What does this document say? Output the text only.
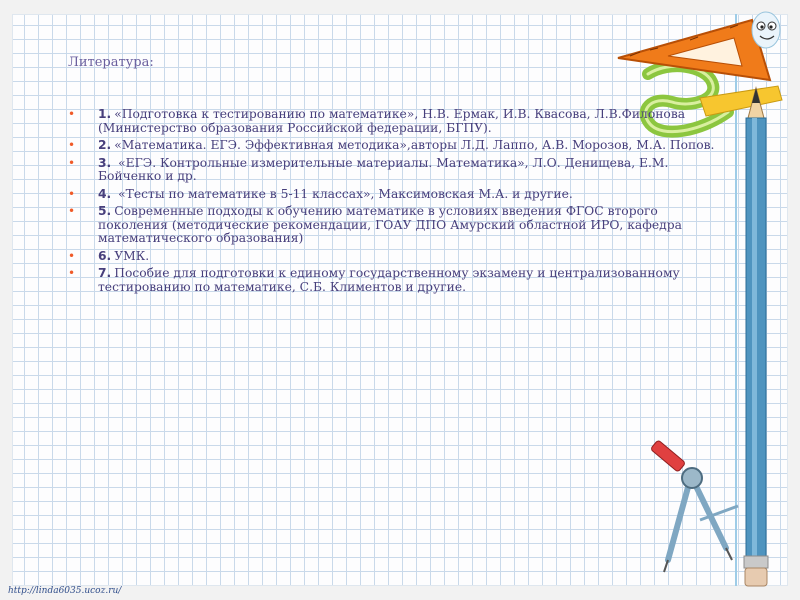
Литература:
• 1. «Подготовка к тестированию по математике», Н.В. Ермак, И.В. Квасова, Л.В.Филонова (Министерство образования Российской федерации, БГПУ).
• 2. «Математика. ЕГЭ. Эффективная методика»,авторы Л.Д. Лаппо, А.В. Морозов, М.А. Попов.
• 3. «ЕГЭ. Контрольные измерительные материалы. Математика», Л.О. Денищева, Е.М. Бойченко и др.
• 4. «Тесты по математике в 5-11 классах», Максимовская М.А. и другие.
• 5. Современные подходы к обучению математике в условиях введения ФГОС второго поколения (методические рекомендации, ГОАУ ДПО Амурский областной ИРО, кафедра математического образования)
• 6. УМК.
• 7. Пособие для подготовки к единому государственному экзамену и централизованному тестированию по математике, С.Б. Климентов и другие.

http://linda6035.ucoz.ru/
